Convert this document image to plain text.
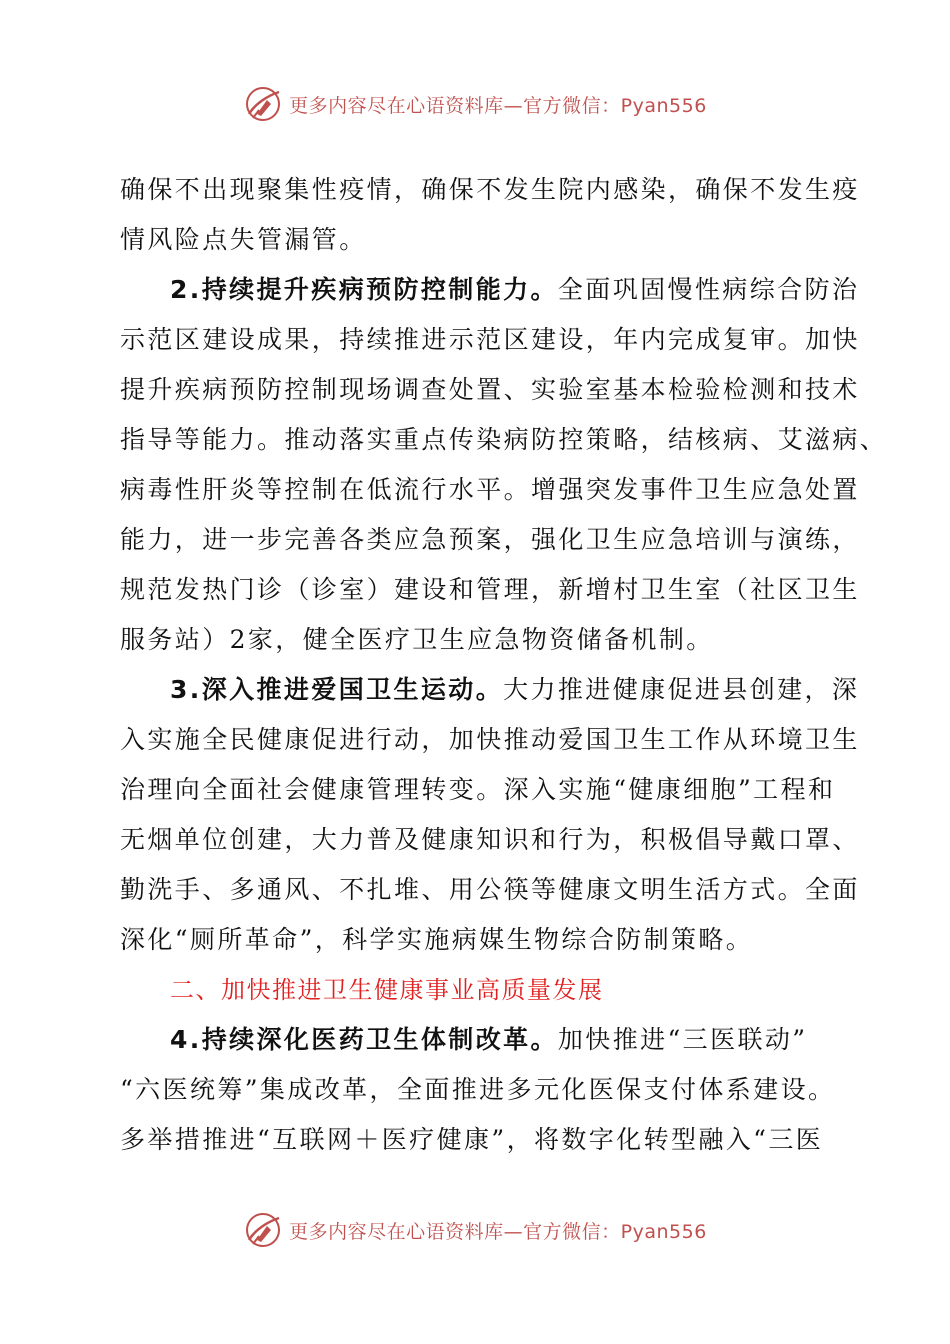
更多内容尽在心语资料库—官方微信：Pyan556
确保不出现聚集性疫情，确保不发生院内感染，确保不发生疫
情风险点失管漏管。
2.持续提升疾病预防控制能力。全面巩固慢性病综合防治
示范区建设成果，持续推进示范区建设，年内完成复审。加快
提升疾病预防控制现场调查处置、实验室基本检验检测和技术
指导等能力。推动落实重点传染病防控策略，结核病、艾滋病、
病毒性肝炎等控制在低流行水平。增强突发事件卫生应急处置
能力，进一步完善各类应急预案，强化卫生应急培训与演练，
规范发热门诊（诊室）建设和管理，新增村卫生室（社区卫生
服务站）2家，健全医疗卫生应急物资储备机制。
3.深入推进爱国卫生运动。大力推进健康促进县创建，深
入实施全民健康促进行动，加快推动爱国卫生工作从环境卫生
治理向全面社会健康管理转变。深入实施“健康细胞”工程和
无烟单位创建，大力普及健康知识和行为，积极倡导戴口罩、
勤洗手、多通风、不扎堆、用公筷等健康文明生活方式。全面
深化“厕所革命”，科学实施病媒生物综合防制策略。
二、加快推进卫生健康事业高质量发展
4.持续深化医药卫生体制改革。加快推进“三医联动”
“六医统筹”集成改革，全面推进多元化医保支付体系建设。
多举措推进“互联网＋医疗健康”，将数字化转型融入“三医
更多内容尽在心语资料库—官方微信：Pyan556
